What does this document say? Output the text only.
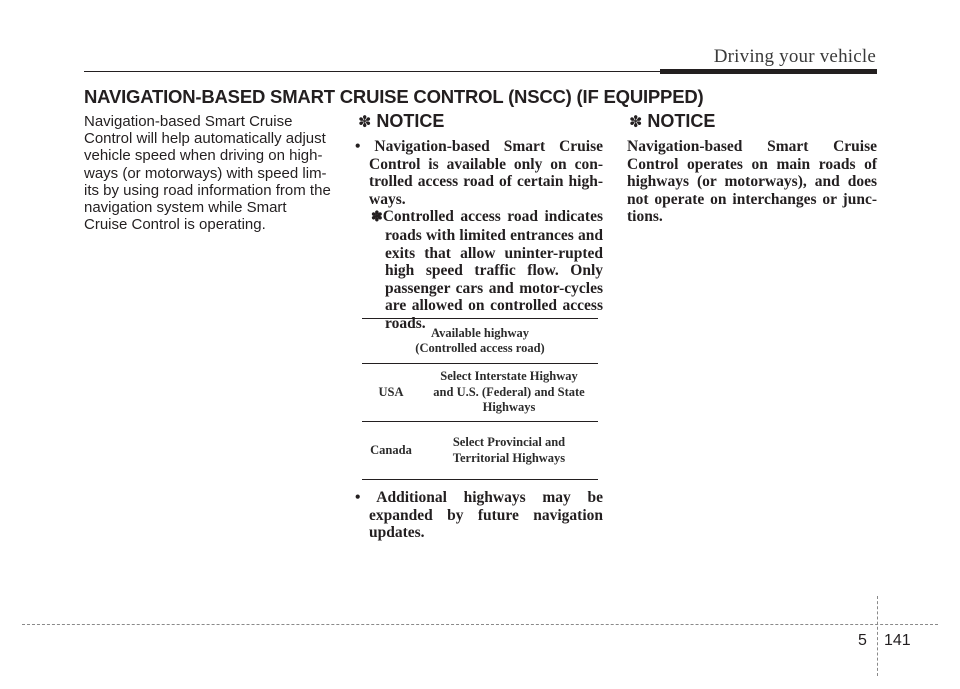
Driving your vehicle
NAVIGATION-BASED SMART CRUISE CONTROL (NSCC) (IF EQUIPPED)
Navigation-based Smart Cruise
Control will help automatically adjust
vehicle speed when driving on high-
ways (or motorways) with speed lim-
its by using road information from the
navigation system while Smart
Cruise Control is operating.
✽ NOTICE

• Navigation-based Smart Cruise Control is available only on con-trolled access road of certain high-ways.

✽Controlled access road indicates roads with limited entrances and exits that allow uninter-rupted high speed traffic flow. Only passenger cars and motor-cycles are allowed on controlled access roads.

Available highway
(Controlled access road)	

USA	Select Interstate Highway
and U.S. (Federal) and State
Highways

Canada	Select Provincial and
Territorial Highways

• Additional highways may be expanded by future navigation updates.

✽ NOTICE

Navigation-based Smart Cruise Control operates on main roads of highways (or motorways), and does not operate on interchanges or junc-tions.

5 141
